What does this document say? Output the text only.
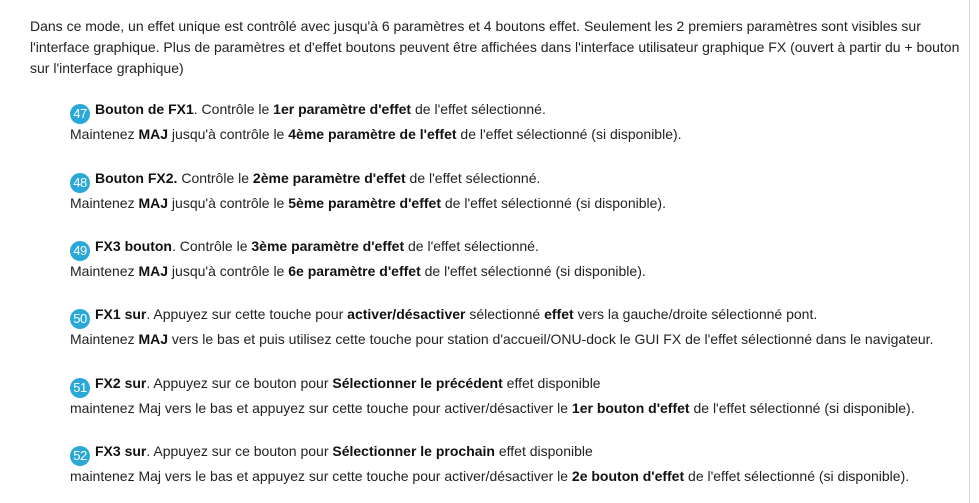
Dans ce mode, un effet unique est contrôlé avec jusqu'à 6 paramètres et 4 boutons effet. Seulement les 2 premiers paramètres sont visibles sur l'interface graphique. Plus de paramètres et d'effet boutons peuvent être affichées dans l'interface utilisateur graphique FX (ouvert à partir du + bouton sur l'interface graphique)

47 Bouton de FX1. Contrôle le 1er paramètre d'effet de l'effet sélectionné.
Maintenez MAJ jusqu'à contrôle le 4ème paramètre de l'effet de l'effet sélectionné (si disponible).
48 Bouton FX2. Contrôle le 2ème paramètre d'effet de l'effet sélectionné.
Maintenez MAJ jusqu'à contrôle le 5ème paramètre d'effet de l'effet sélectionné (si disponible).
49 FX3 bouton. Contrôle le 3ème paramètre d'effet de l'effet sélectionné.
Maintenez MAJ jusqu'à contrôle le 6e paramètre d'effet de l'effet sélectionné (si disponible).
50 FX1 sur. Appuyez sur cette touche pour activer/désactiver sélectionné effet vers la gauche/droite sélectionné pont.
Maintenez MAJ vers le bas et puis utilisez cette touche pour station d'accueil/ONU-dock le GUI FX de l'effet sélectionné dans le navigateur.
51 FX2 sur. Appuyez sur ce bouton pour Sélectionner le précédent effet disponible
maintenez Maj vers le bas et appuyez sur cette touche pour activer/désactiver le 1er bouton d'effet de l'effet sélectionné (si disponible).
52 FX3 sur. Appuyez sur ce bouton pour Sélectionner le prochain effet disponible
maintenez Maj vers le bas et appuyez sur cette touche pour activer/désactiver le 2e bouton d'effet de l'effet sélectionné (si disponible).
